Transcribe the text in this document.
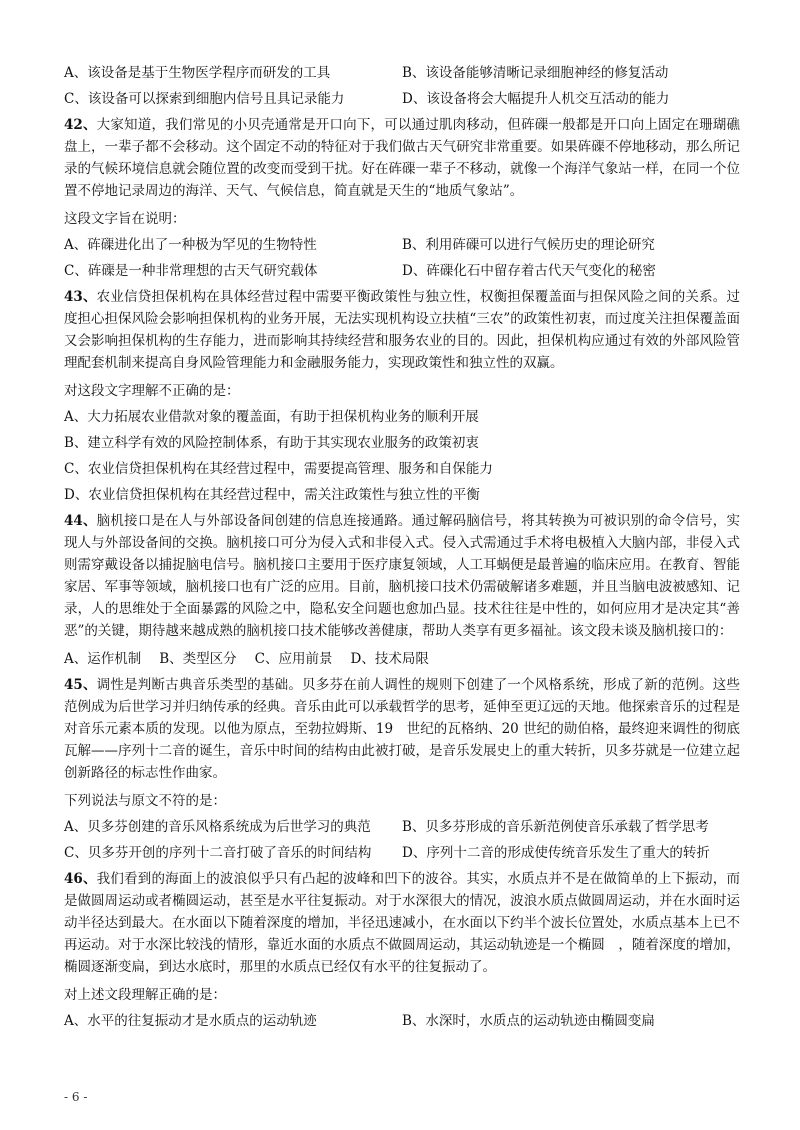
A、该设备是基于生物医学程序而研发的工具	B、该设备能够清晰记录细胞神经的修复活动
C、该设备可以探索到细胞内信号且具记录能力	D、该设备将会大幅提升人机交互活动的能力
42、大家知道，我们常见的小贝壳通常是开口向下，可以通过肌肉移动，但砗磲一般都是开口向上固定在珊瑚礁盘上，一辈子都不会移动。这个固定不动的特征对于我们做古天气研究非常重要。如果砗磲不停地移动，那么所记录的气候环境信息就会随位置的改变而受到干扰。好在砗磲一辈子不移动，就像一个海洋气象站一样，在同一个位置不停地记录周边的海洋、天气、气候信息，简直就是天生的“地质气象站”。
这段文字旨在说明：
A、砗磲进化出了一种极为罕见的生物特性	B、利用砗磲可以进行气候历史的理论研究
C、砗磲是一种非常理想的古天气研究载体	D、砗磲化石中留存着古代天气变化的秘密
43、农业信贷担保机构在具体经营过程中需要平衡政策性与独立性，权衡担保覆盖面与担保风险之间的关系。过度担心担保风险会影响担保机构的业务开展，无法实现机构设立扶植“三农”的政策性初衷，而过度关注担保覆盖面又会影响担保机构的生存能力，进而影响其持续经营和服务农业的目的。因此，担保机构应通过有效的外部风险管理配套机制来提高自身风险管理能力和金融服务能力，实现政策性和独立性的双赢。
对这段文字理解不正确的是：
A、大力拓展农业借款对象的覆盖面，有助于担保机构业务的顺利开展
B、建立科学有效的风险控制体系，有助于其实现农业服务的政策初衷
C、农业信贷担保机构在其经营过程中，需要提高管理、服务和自保能力
D、农业信贷担保机构在其经营过程中，需关注政策性与独立性的平衡
44、脑机接口是在人与外部设备间创建的信息连接通路。通过解码脑信号，将其转换为可被识别的命令信号，实现人与外部设备间的交换。脑机接口可分为侵入式和非侵入式。侵入式需通过手术将电极植入大脑内部，非侵入式则需穿戴设备以捕捉脑电信号。脑机接口主要用于医疗康复领域，人工耳蜗便是最普遍的临床应用。在教育、智能家居、军事等领域，脑机接口也有广泛的应用。目前，脑机接口技术仍需破解诸多难题，并且当脑电波被感知、记录，人的思维处于全面暴露的风险之中，隐私安全问题也愈加凸显。技术往往是中性的，如何应用才是决定其“善恶”的关键，期待越来越成熟的脑机接口技术能够改善健康，帮助人类享有更多福祉。该文段未谈及脑机接口的：
A、运作机制 B、类型区分 C、应用前景 D、技术局限
45、调性是判断古典音乐类型的基础。贝多芬在前人调性的规则下创建了一个风格系统，形成了新的范例。这些范例成为后世学习并归纳传承的经典。音乐由此可以承载哲学的思考，延伸至更辽远的天地。他探索音乐的过程是对音乐元素本质的发现。以他为原点，至勃拉姆斯、19　世纪的瓦格纳、20 世纪的勋伯格，最终迎来调性的彻底瓦解——序列十二音的诞生，音乐中时间的结构由此被打破，是音乐发展史上的重大转折，贝多芬就是一位建立起创新路径的标志性作曲家。
下列说法与原文不符的是：
A、贝多芬创建的音乐风格系统成为后世学习的典范	B、贝多芬形成的音乐新范例使音乐承载了哲学思考
C、贝多芬开创的序列十二音打破了音乐的时间结构	D、序列十二音的形成使传统音乐发生了重大的转折
46、我们看到的海面上的波浪似乎只有凸起的波峰和凹下的波谷。其实，水质点并不是在做简单的上下振动，而是做圆周运动或者椭圆运动，甚至是水平往复振动。对于水深很大的情况，波浪水质点做圆周运动，并在水面时运动半径达到最大。在水面以下随着深度的增加，半径迅速减小，在水面以下约半个波长位置处，水质点基本上已不再运动。对于水深比较浅的情形，靠近水面的水质点不做圆周运动，其运动轨迹是一个椭圆　，随着深度的增加，椭圆逐渐变扁，到达水底时，那里的水质点已经仅有水平的往复振动了。
对上述文段理解正确的是：
A、水平的往复振动才是水质点的运动轨迹	B、水深时，水质点的运动轨迹由椭圆变扁
- 6 -
